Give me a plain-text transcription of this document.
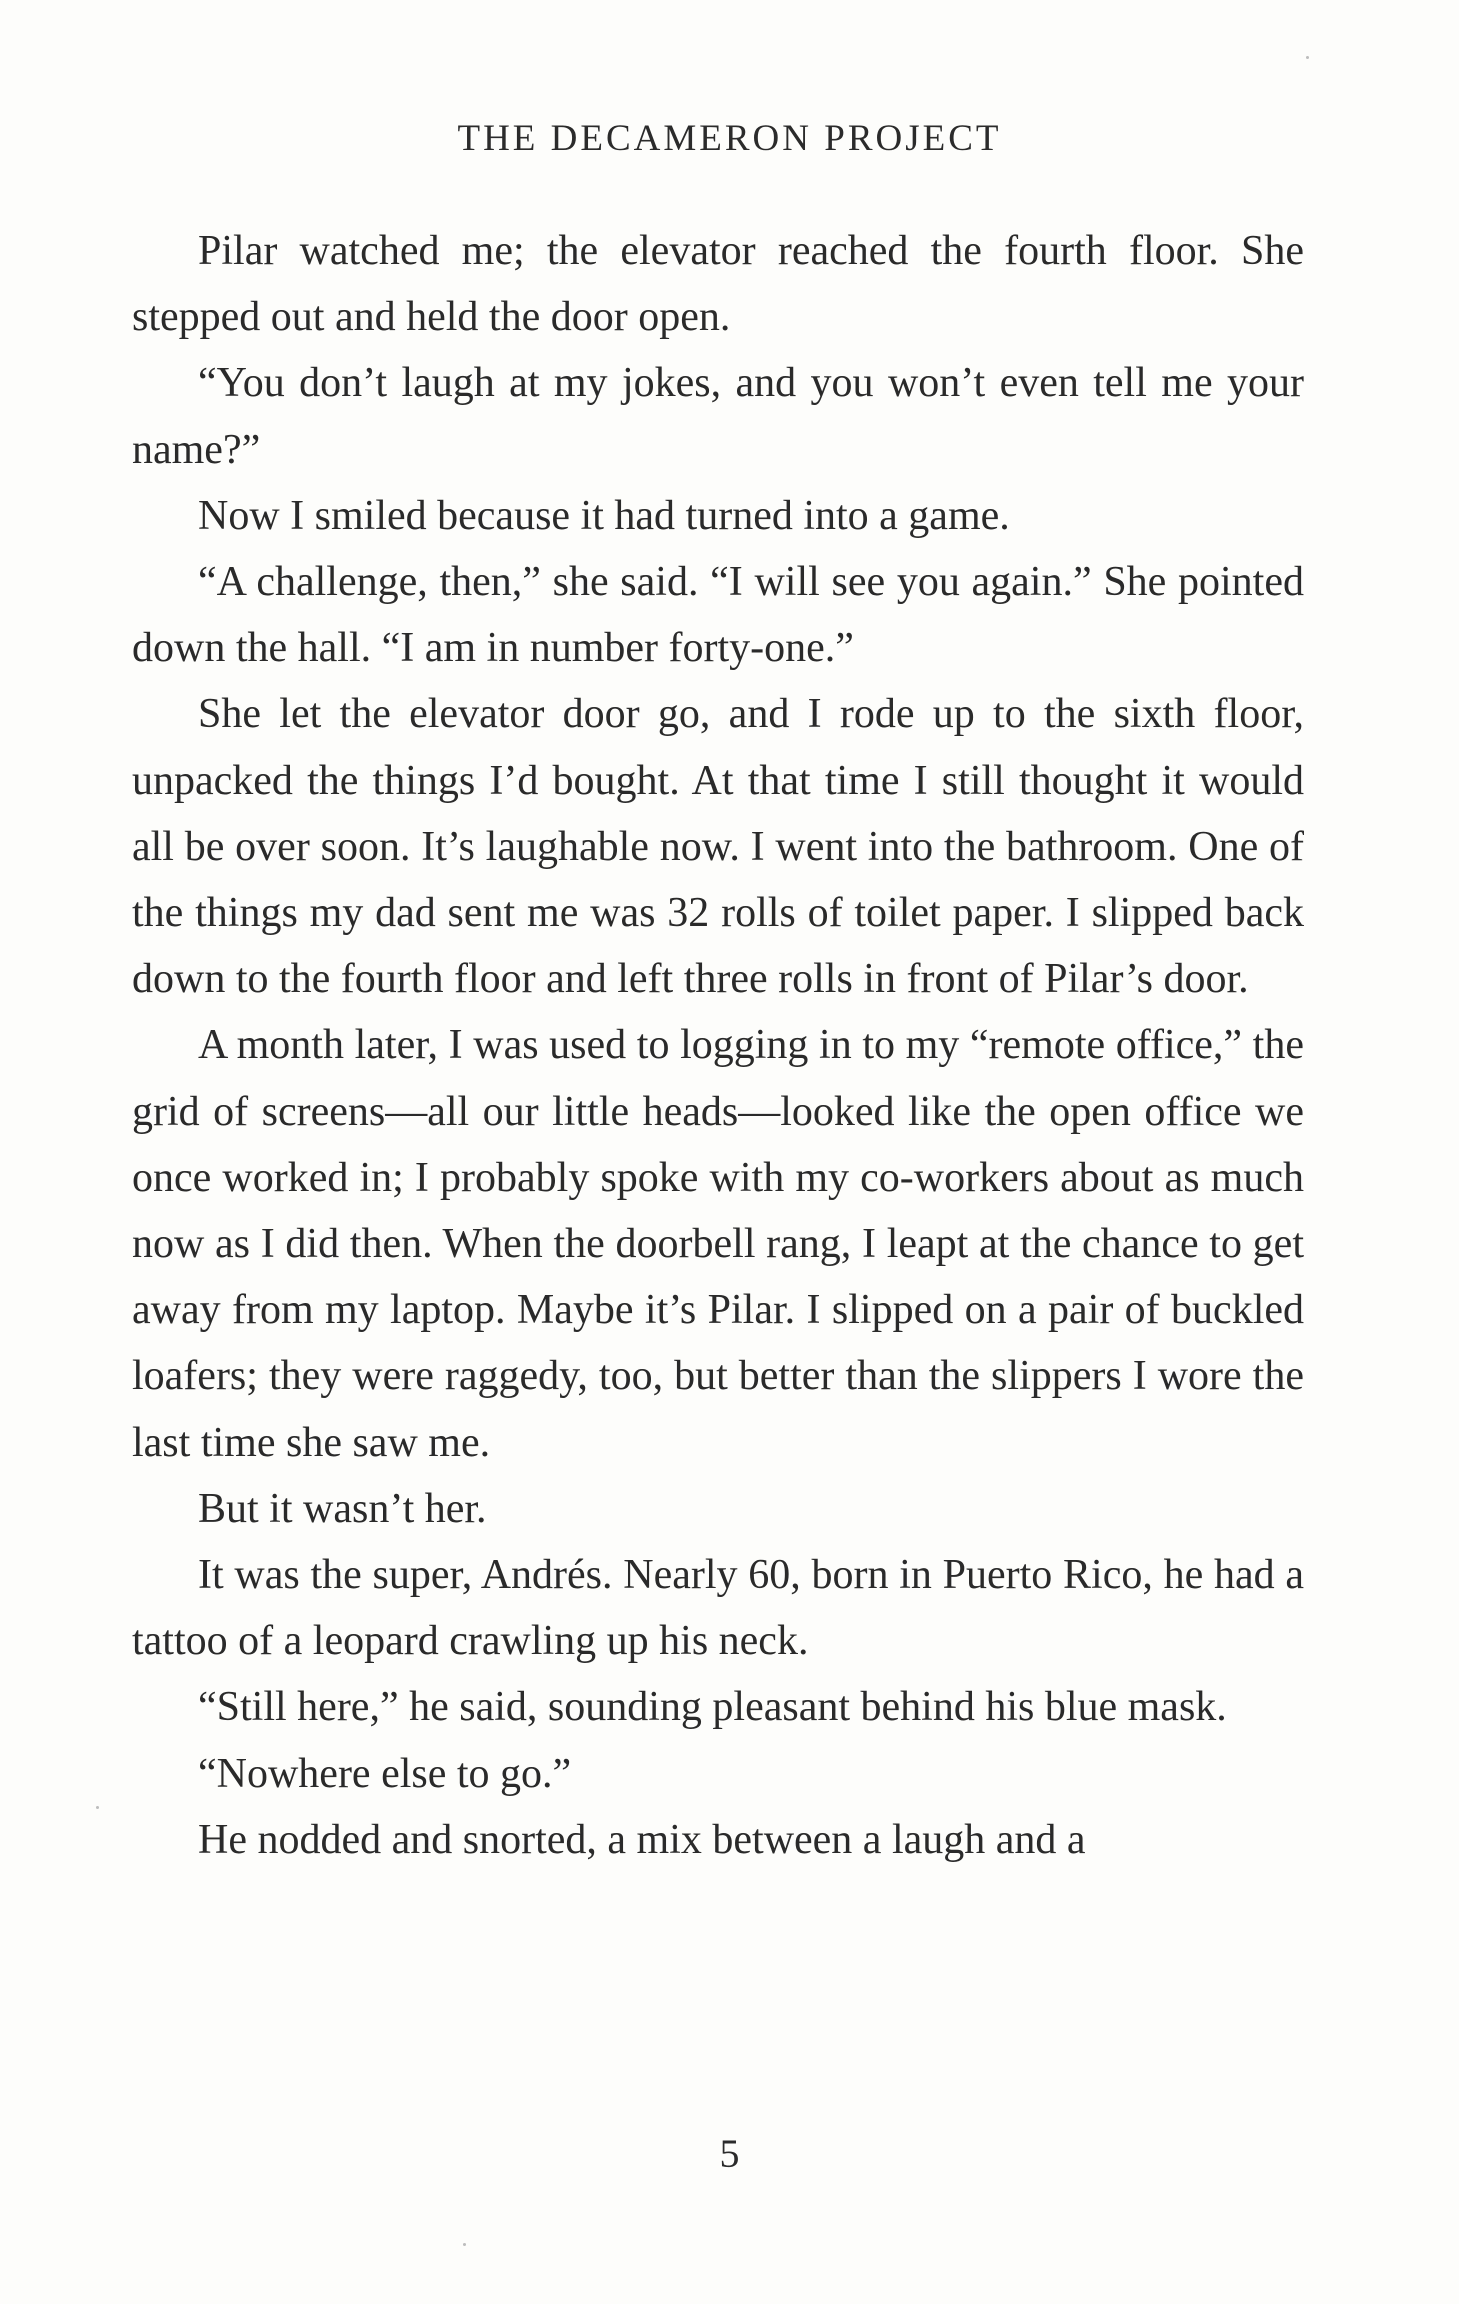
THE DECAMERON PROJECT

Pilar watched me; the elevator reached the fourth floor. She stepped out and held the door open.

“You don’t laugh at my jokes, and you won’t even tell me your name?”

Now I smiled because it had turned into a game.

“A challenge, then,” she said. “I will see you again.” She pointed down the hall. “I am in number forty-one.”

She let the elevator door go, and I rode up to the sixth floor, unpacked the things I’d bought. At that time I still thought it would all be over soon. It’s laughable now. I went into the bathroom. One of the things my dad sent me was 32 rolls of toilet paper. I slipped back down to the fourth floor and left three rolls in front of Pilar’s door.

A month later, I was used to logging in to my “remote office,” the grid of screens—all our little heads—looked like the open office we once worked in; I probably spoke with my co-workers about as much now as I did then. When the doorbell rang, I leapt at the chance to get away from my laptop. Maybe it’s Pilar. I slipped on a pair of buckled loafers; they were raggedy, too, but better than the slippers I wore the last time she saw me.

But it wasn’t her.

It was the super, Andrés. Nearly 60, born in Puerto Rico, he had a tattoo of a leopard crawling up his neck.

“Still here,” he said, sounding pleasant behind his blue mask.

“Nowhere else to go.”

He nodded and snorted, a mix between a laugh and a

5
